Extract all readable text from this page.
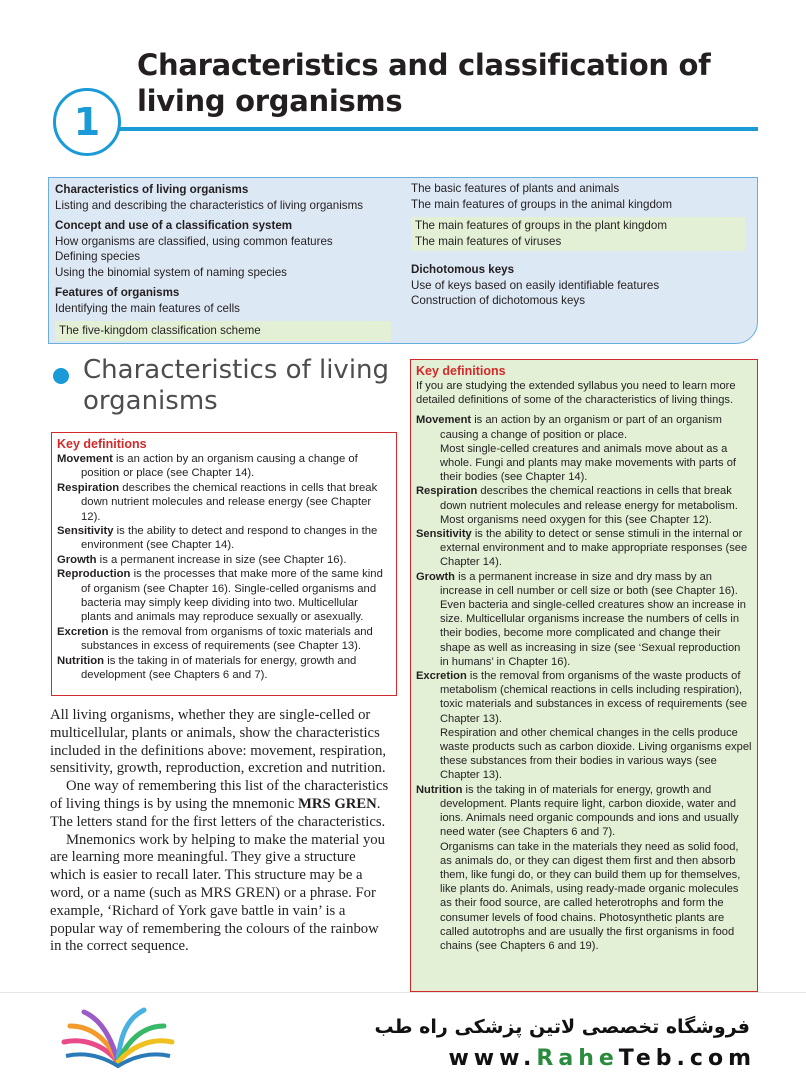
1
Characteristics and classification of
living organisms
Characteristics of living organisms
Listing and describing the characteristics of living organisms
Concept and use of a classification system
How organisms are classified, using common features
Defining species
Using the binomial system of naming species
Features of organisms
Identifying the main features of cells
The five-kingdom classification scheme
The basic features of plants and animals
The main features of groups in the animal kingdom
The main features of groups in the plant kingdom
The main features of viruses
Dichotomous keys
Use of keys based on easily identifiable features
Construction of dichotomous keys
Characteristics of living organisms
Key definitions

Movement is an action by an organism causing a change of position or place (see Chapter 14).

Respiration describes the chemical reactions in cells that break down nutrient molecules and release energy (see Chapter 12).

Sensitivity is the ability to detect and respond to changes in the environment (see Chapter 14).

Growth is a permanent increase in size (see Chapter 16).

Reproduction is the processes that make more of the same kind of organism (see Chapter 16). Single-celled organisms and bacteria may simply keep dividing into two. Multicellular plants and animals may reproduce sexually or asexually.

Excretion is the removal from organisms of toxic materials and substances in excess of requirements (see Chapter 13).

Nutrition is the taking in of materials for energy, growth and development (see Chapters 6 and 7).

All living organisms, whether they are single-celled or multicellular, plants or animals, show the characteristics included in the definitions above: movement, respiration, sensitivity, growth, reproduction, excretion and nutrition.

One way of remembering this list of the characteristics of living things is by using the mnemonic MRS GREN. The letters stand for the first letters of the characteristics.

Mnemonics work by helping to make the material you are learning more meaningful. They give a structure which is easier to recall later. This structure may be a word, or a name (such as MRS GREN) or a phrase. For example, ‘Richard of York gave battle in vain’ is a popular way of remembering the colours of the rainbow in the correct sequence.

Key definitions

If you are studying the extended syllabus you need to learn more detailed definitions of some of the characteristics of living things.

Movement is an action by an organism or part of an organism causing a change of position or place.

Most single-celled creatures and animals move about as a whole. Fungi and plants may make movements with parts of their bodies (see Chapter 14).

Respiration describes the chemical reactions in cells that break down nutrient molecules and release energy for metabolism.

Most organisms need oxygen for this (see Chapter 12).

Sensitivity is the ability to detect or sense stimuli in the internal or external environment and to make appropriate responses (see Chapter 14).

Growth is a permanent increase in size and dry mass by an increase in cell number or cell size or both (see Chapter 16).

Even bacteria and single-celled creatures show an increase in size. Multicellular organisms increase the numbers of cells in their bodies, become more complicated and change their shape as well as increasing in size (see ‘Sexual reproduction in humans’ in Chapter 16).

Excretion is the removal from organisms of the waste products of metabolism (chemical reactions in cells including respiration), toxic materials and substances in excess of requirements (see Chapter 13).

Respiration and other chemical changes in the cells produce waste products such as carbon dioxide. Living organisms expel these substances from their bodies in various ways (see Chapter 13).

Nutrition is the taking in of materials for energy, growth and development. Plants require light, carbon dioxide, water and ions. Animals need organic compounds and ions and usually need water (see Chapters 6 and 7).

Organisms can take in the materials they need as solid food, as animals do, or they can digest them first and then absorb them, like fungi do, or they can build them up for themselves, like plants do. Animals, using ready-made organic molecules as their food source, are called heterotrophs and form the consumer levels of food chains. Photosynthetic plants are called autotrophs and are usually the first organisms in food chains (see Chapters 6 and 19).

فروشگاه تخصصی لاتین پزشکی راه طب
www.RaheTeb.com
